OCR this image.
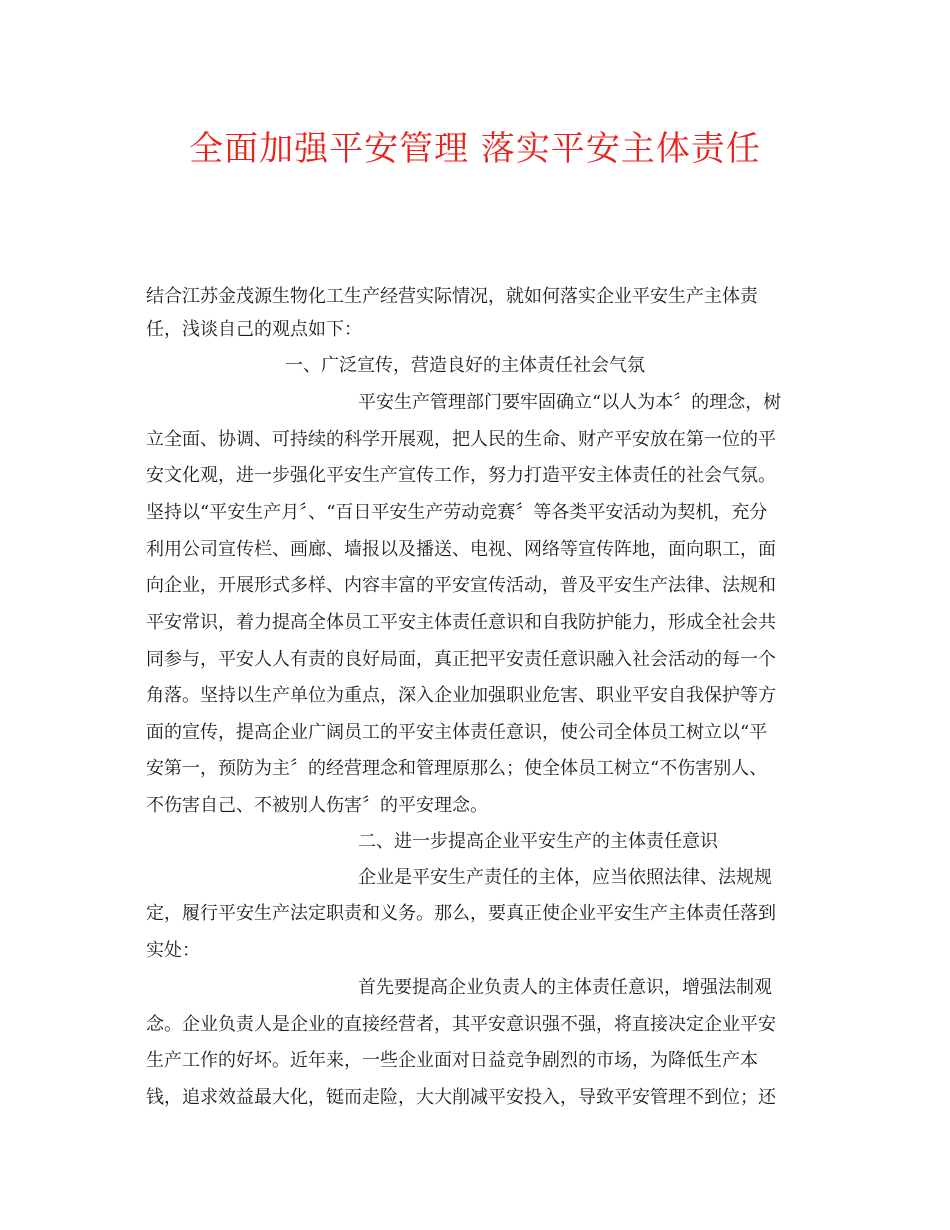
全面加强平安管理 落实平安主体责任
结合江苏金茂源生物化工生产经营实际情况，就如何落实企业平安生产主体责
任，浅谈自己的观点如下：
一、广泛宣传，营造良好的主体责任社会气氛
平安生产管理部门要牢固确立“以人为本〞的理念，树
立全面、协调、可持续的科学开展观，把人民的生命、财产平安放在第一位的平
安文化观，进一步强化平安生产宣传工作，努力打造平安主体责任的社会气氛。
坚持以“平安生产月〞、“百日平安生产劳动竞赛〞等各类平安活动为契机，充分
利用公司宣传栏、画廊、墙报以及播送、电视、网络等宣传阵地，面向职工，面
向企业，开展形式多样、内容丰富的平安宣传活动，普及平安生产法律、法规和
平安常识，着力提高全体员工平安主体责任意识和自我防护能力，形成全社会共
同参与，平安人人有责的良好局面，真正把平安责任意识融入社会活动的每一个
角落。坚持以生产单位为重点，深入企业加强职业危害、职业平安自我保护等方
面的宣传，提高企业广阔员工的平安主体责任意识，使公司全体员工树立以“平
安第一，预防为主〞的经营理念和管理原那么；使全体员工树立“不伤害别人、
不伤害自己、不被别人伤害〞的平安理念。
二、进一步提高企业平安生产的主体责任意识
企业是平安生产责任的主体，应当依照法律、法规规
定，履行平安生产法定职责和义务。那么，要真正使企业平安生产主体责任落到
实处：
首先要提高企业负责人的主体责任意识，增强法制观
念。企业负责人是企业的直接经营者，其平安意识强不强，将直接决定企业平安
生产工作的好坏。近年来，一些企业面对日益竞争剧烈的市场，为降低生产本
钱，追求效益最大化，铤而走险，大大削减平安投入，导致平安管理不到位；还
